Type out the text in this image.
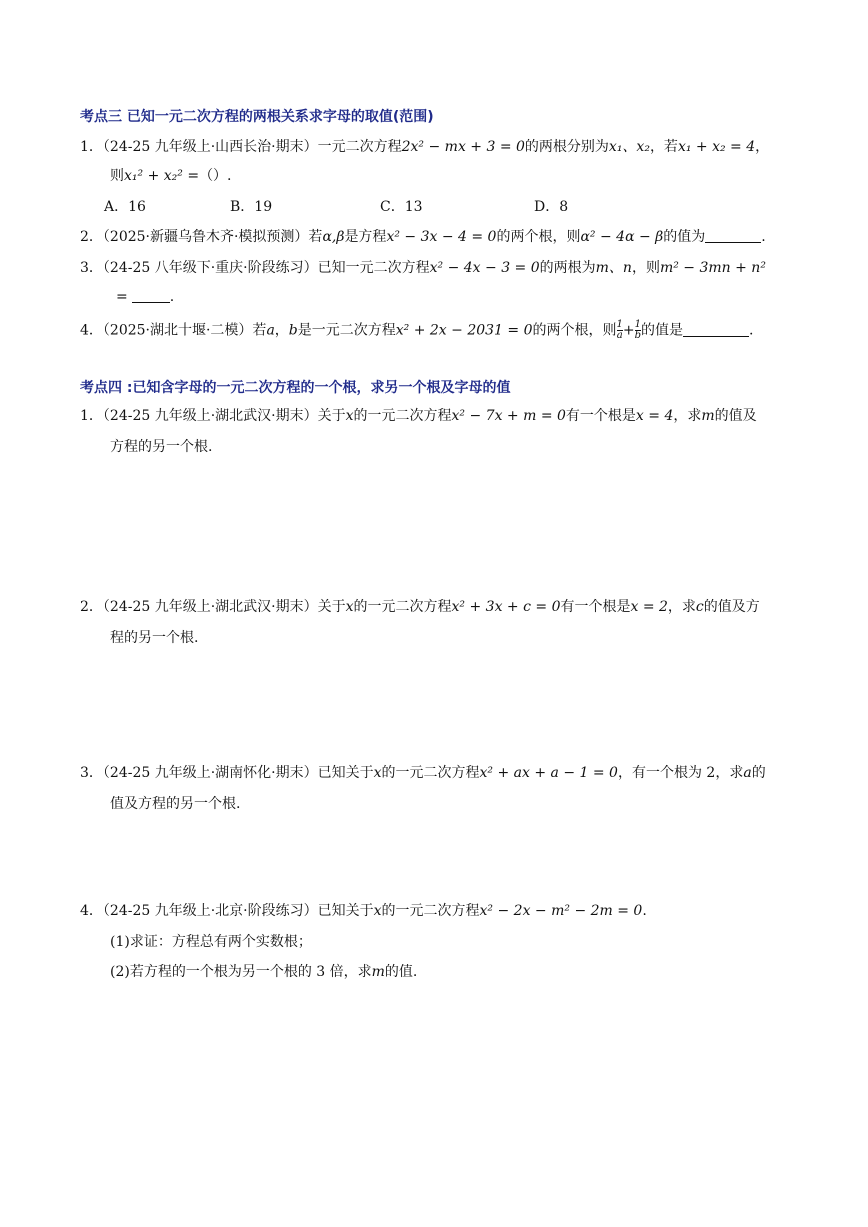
考点三 已知一元二次方程的两根关系求字母的取值(范围)
1．（24-25 九年级上·山西长治·期末）一元二次方程2x² − mx + 3 = 0的两根分别为x₁、x₂，若x₁ + x₂ = 4，
则x₁² + x₂² =（）.
A．16	B．19	C．13	D．8
2．（2025·新疆乌鲁木齐·模拟预测）若α,β是方程x² − 3x − 4 = 0的两个根，则α² − 4α − β的值为	.
3．（24-25 八年级下·重庆·阶段练习）已知一元二次方程x² − 4x − 3 = 0的两根为m、n，则m² − 3mn + n²
=	.
4．（2025·湖北十堰·二模）若a，b是一元二次方程x² + 2x − 2031 = 0的两个根，则 $\frac{1}{a} + \frac{1}{b}$ 的值是	.
考点四 :已知含字母的一元二次方程的一个根，求另一个根及字母的值
1．（24-25 九年级上·湖北武汉·期末）关于x的一元二次方程x² − 7x + m = 0有一个根是x = 4，求m的值及
方程的另一个根.
2．（24-25 九年级上·湖北武汉·期末）关于x的一元二次方程x² + 3x + c = 0有一个根是x = 2，求c的值及方
程的另一个根.
3．（24-25 九年级上·湖南怀化·期末）已知关于x的一元二次方程x² + ax + a − 1 = 0，有一个根为 2，求a的
值及方程的另一个根.
4．（24-25 九年级上·北京·阶段练习）已知关于x的一元二次方程x² − 2x − m² − 2m = 0.
(1)求证：方程总有两个实数根；
(2)若方程的一个根为另一个根的 3 倍，求m的值.
